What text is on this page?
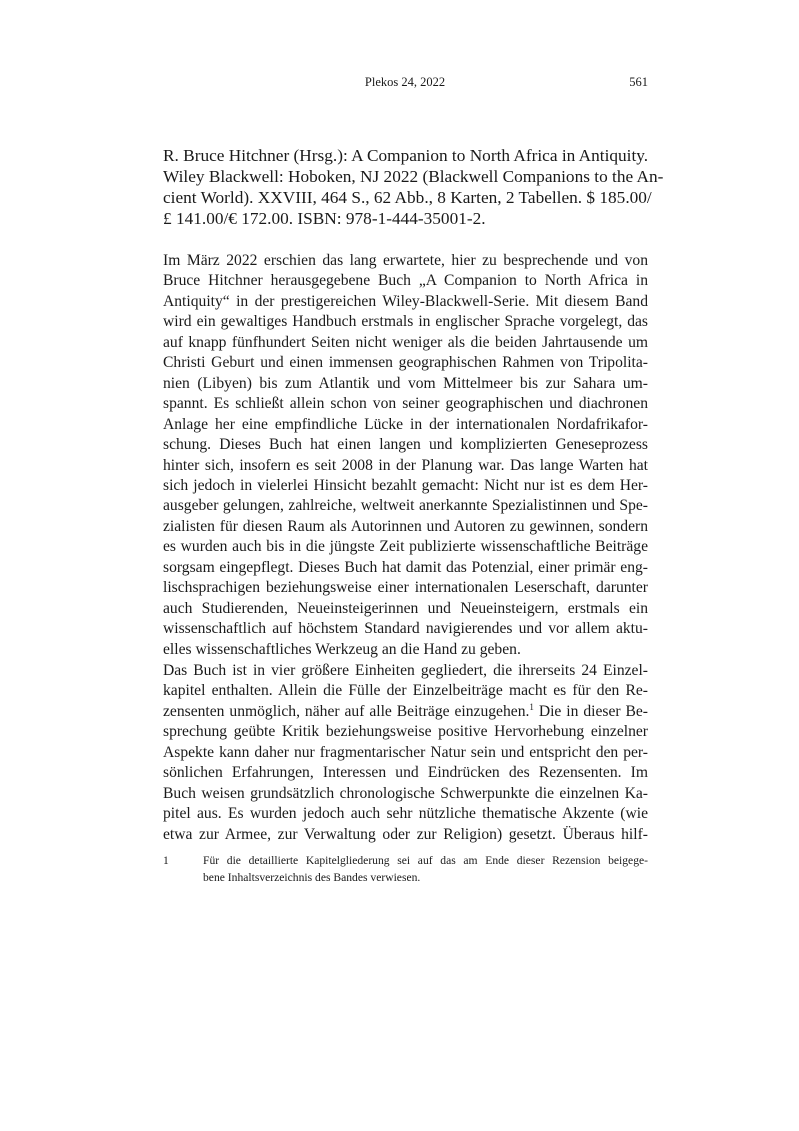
Plekos 24, 2022	561
R. Bruce Hitchner (Hrsg.): A Companion to North Africa in Antiquity.
Wiley Blackwell: Hoboken, NJ 2022 (Blackwell Companions to the An-
cient World). XXVIII, 464 S., 62 Abb., 8 Karten, 2 Tabellen. $ 185.00/
£ 141.00/€ 172.00. ISBN: 978-1-444-35001-2.
Im März 2022 erschien das lang erwartete, hier zu besprechende und von
Bruce Hitchner herausgegebene Buch „A Companion to North Africa in
Antiquity“ in der prestigereichen Wiley-Blackwell-Serie. Mit diesem Band
wird ein gewaltiges Handbuch erstmals in englischer Sprache vorgelegt, das
auf knapp fünfhundert Seiten nicht weniger als die beiden Jahrtausende um
Christi Geburt und einen immensen geographischen Rahmen von Tripolita-
nien (Libyen) bis zum Atlantik und vom Mittelmeer bis zur Sahara um-
spannt. Es schließt allein schon von seiner geographischen und diachronen
Anlage her eine empfindliche Lücke in der internationalen Nordafrikafor-
schung. Dieses Buch hat einen langen und komplizierten Geneseprozess
hinter sich, insofern es seit 2008 in der Planung war. Das lange Warten hat
sich jedoch in vielerlei Hinsicht bezahlt gemacht: Nicht nur ist es dem Her-
ausgeber gelungen, zahlreiche, weltweit anerkannte Spezialistinnen und Spe-
zialisten für diesen Raum als Autorinnen und Autoren zu gewinnen, sondern
es wurden auch bis in die jüngste Zeit publizierte wissenschaftliche Beiträge
sorgsam eingepflegt. Dieses Buch hat damit das Potenzial, einer primär eng-
lischsprachigen beziehungsweise einer internationalen Leserschaft, darunter
auch Studierenden, Neueinsteigerinnen und Neueinsteigern, erstmals ein
wissenschaftlich auf höchstem Standard navigierendes und vor allem aktu-
elles wissenschaftliches Werkzeug an die Hand zu geben.
Das Buch ist in vier größere Einheiten gegliedert, die ihrerseits 24 Einzel-
kapitel enthalten. Allein die Fülle der Einzelbeiträge macht es für den Re-
zensenten unmöglich, näher auf alle Beiträge einzugehen.$^1$ Die in dieser Be-
sprechung geübte Kritik beziehungsweise positive Hervorhebung einzelner
Aspekte kann daher nur fragmentarischer Natur sein und entspricht den per-
sönlichen Erfahrungen, Interessen und Eindrücken des Rezensenten. Im
Buch weisen grundsätzlich chronologische Schwerpunkte die einzelnen Ka-
pitel aus. Es wurden jedoch auch sehr nützliche thematische Akzente (wie
etwa zur Armee, zur Verwaltung oder zur Religion) gesetzt. Überaus hilf-
1	Für die detaillierte Kapitelgliederung sei auf das am Ende dieser Rezension beigege-
bene Inhaltsverzeichnis des Bandes verwiesen.
